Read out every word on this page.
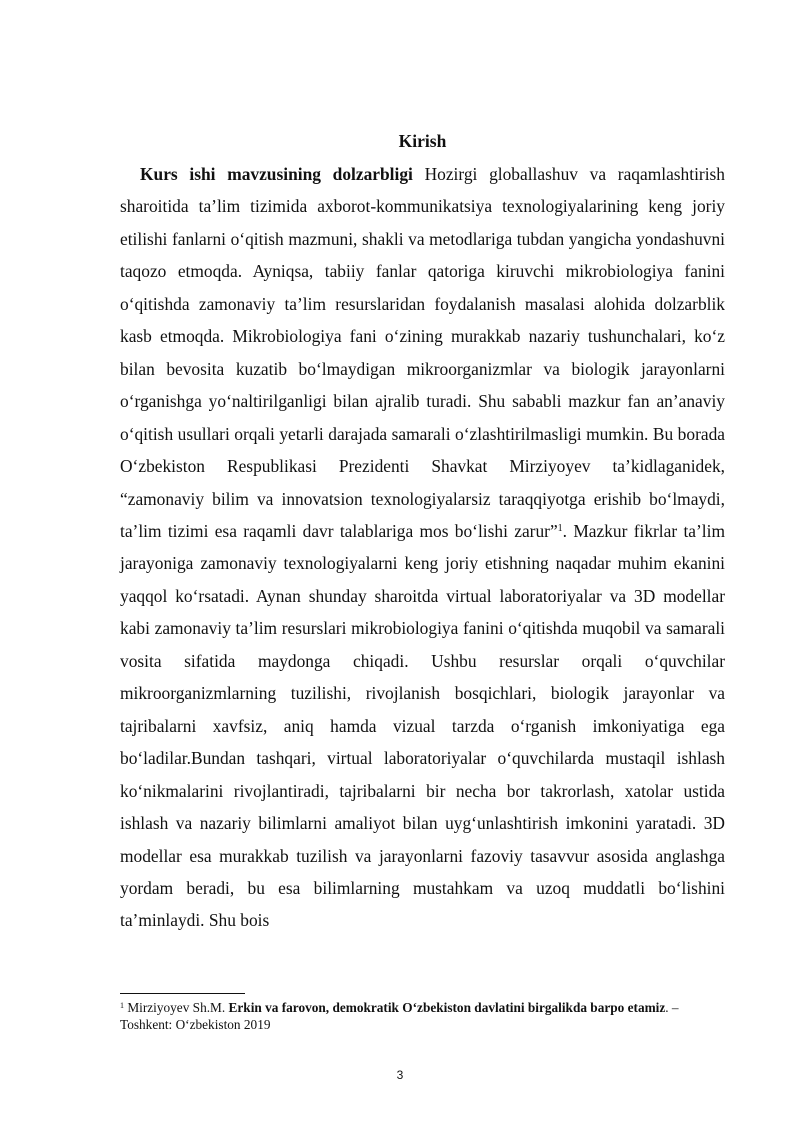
Kirish

Kurs ishi mavzusining dolzarbligi Hozirgi globallashuv va raqamlashtirish sharoitida ta’lim tizimida axborot-kommunikatsiya texnologiyalarining keng joriy etilishi fanlarni o‘qitish mazmuni, shakli va metodlariga tubdan yangicha yondashuvni taqozo etmoqda. Ayniqsa, tabiiy fanlar qatoriga kiruvchi mikrobiologiya fanini o‘qitishda zamonaviy ta’lim resurslaridan foydalanish masalasi alohida dolzarblik kasb etmoqda. Mikrobiologiya fani o‘zining murakkab nazariy tushunchalari, ko‘z bilan bevosita kuzatib bo‘lmaydigan mikroorganizmlar va biologik jarayonlarni o‘rganishga yo‘naltirilganligi bilan ajralib turadi. Shu sababli mazkur fan an’anaviy o‘qitish usullari orqali yetarli darajada samarali o‘zlashtirilmasligi mumkin. Bu borada O‘zbekiston Respublikasi Prezidenti Shavkat Mirziyoyev ta’kidlaganidek, “zamonaviy bilim va innovatsion texnologiyalarsiz taraqqiyotga erishib bo‘lmaydi, ta’lim tizimi esa raqamli davr talablariga mos bo‘lishi zarur”$^1$. Mazkur fikrlar ta’lim jarayoniga zamonaviy texnologiyalarni keng joriy etishning naqadar muhim ekanini yaqqol ko‘rsatadi. Aynan shunday sharoitda virtual laboratoriyalar va 3D modellar kabi zamonaviy ta’lim resurslari mikrobiologiya fanini o‘qitishda muqobil va samarali vosita sifatida maydonga chiqadi. Ushbu resurslar orqali o‘quvchilar mikroorganizmlarning tuzilishi, rivojlanish bosqichlari, biologik jarayonlar va tajribalarni xavfsiz, aniq hamda vizual tarzda o‘rganish imkoniyatiga ega bo‘ladilar.Bundan tashqari, virtual laboratoriyalar o‘quvchilarda mustaqil ishlash ko‘nikmalarini rivojlantiradi, tajribalarni bir necha bor takrorlash, xatolar ustida ishlash va nazariy bilimlarni amaliyot bilan uyg‘unlashtirish imkonini yaratadi. 3D modellar esa murakkab tuzilish va jarayonlarni fazoviy tasavvur asosida anglashga yordam beradi, bu esa bilimlarning mustahkam va uzoq muddatli bo‘lishini ta’minlaydi. Shu bois

$^1$ Mirziyoyev Sh.M. Erkin va farovon, demokratik O‘zbekiston davlatini birgalikda barpo etamiz. – Toshkent: O‘zbekiston 2019

3
